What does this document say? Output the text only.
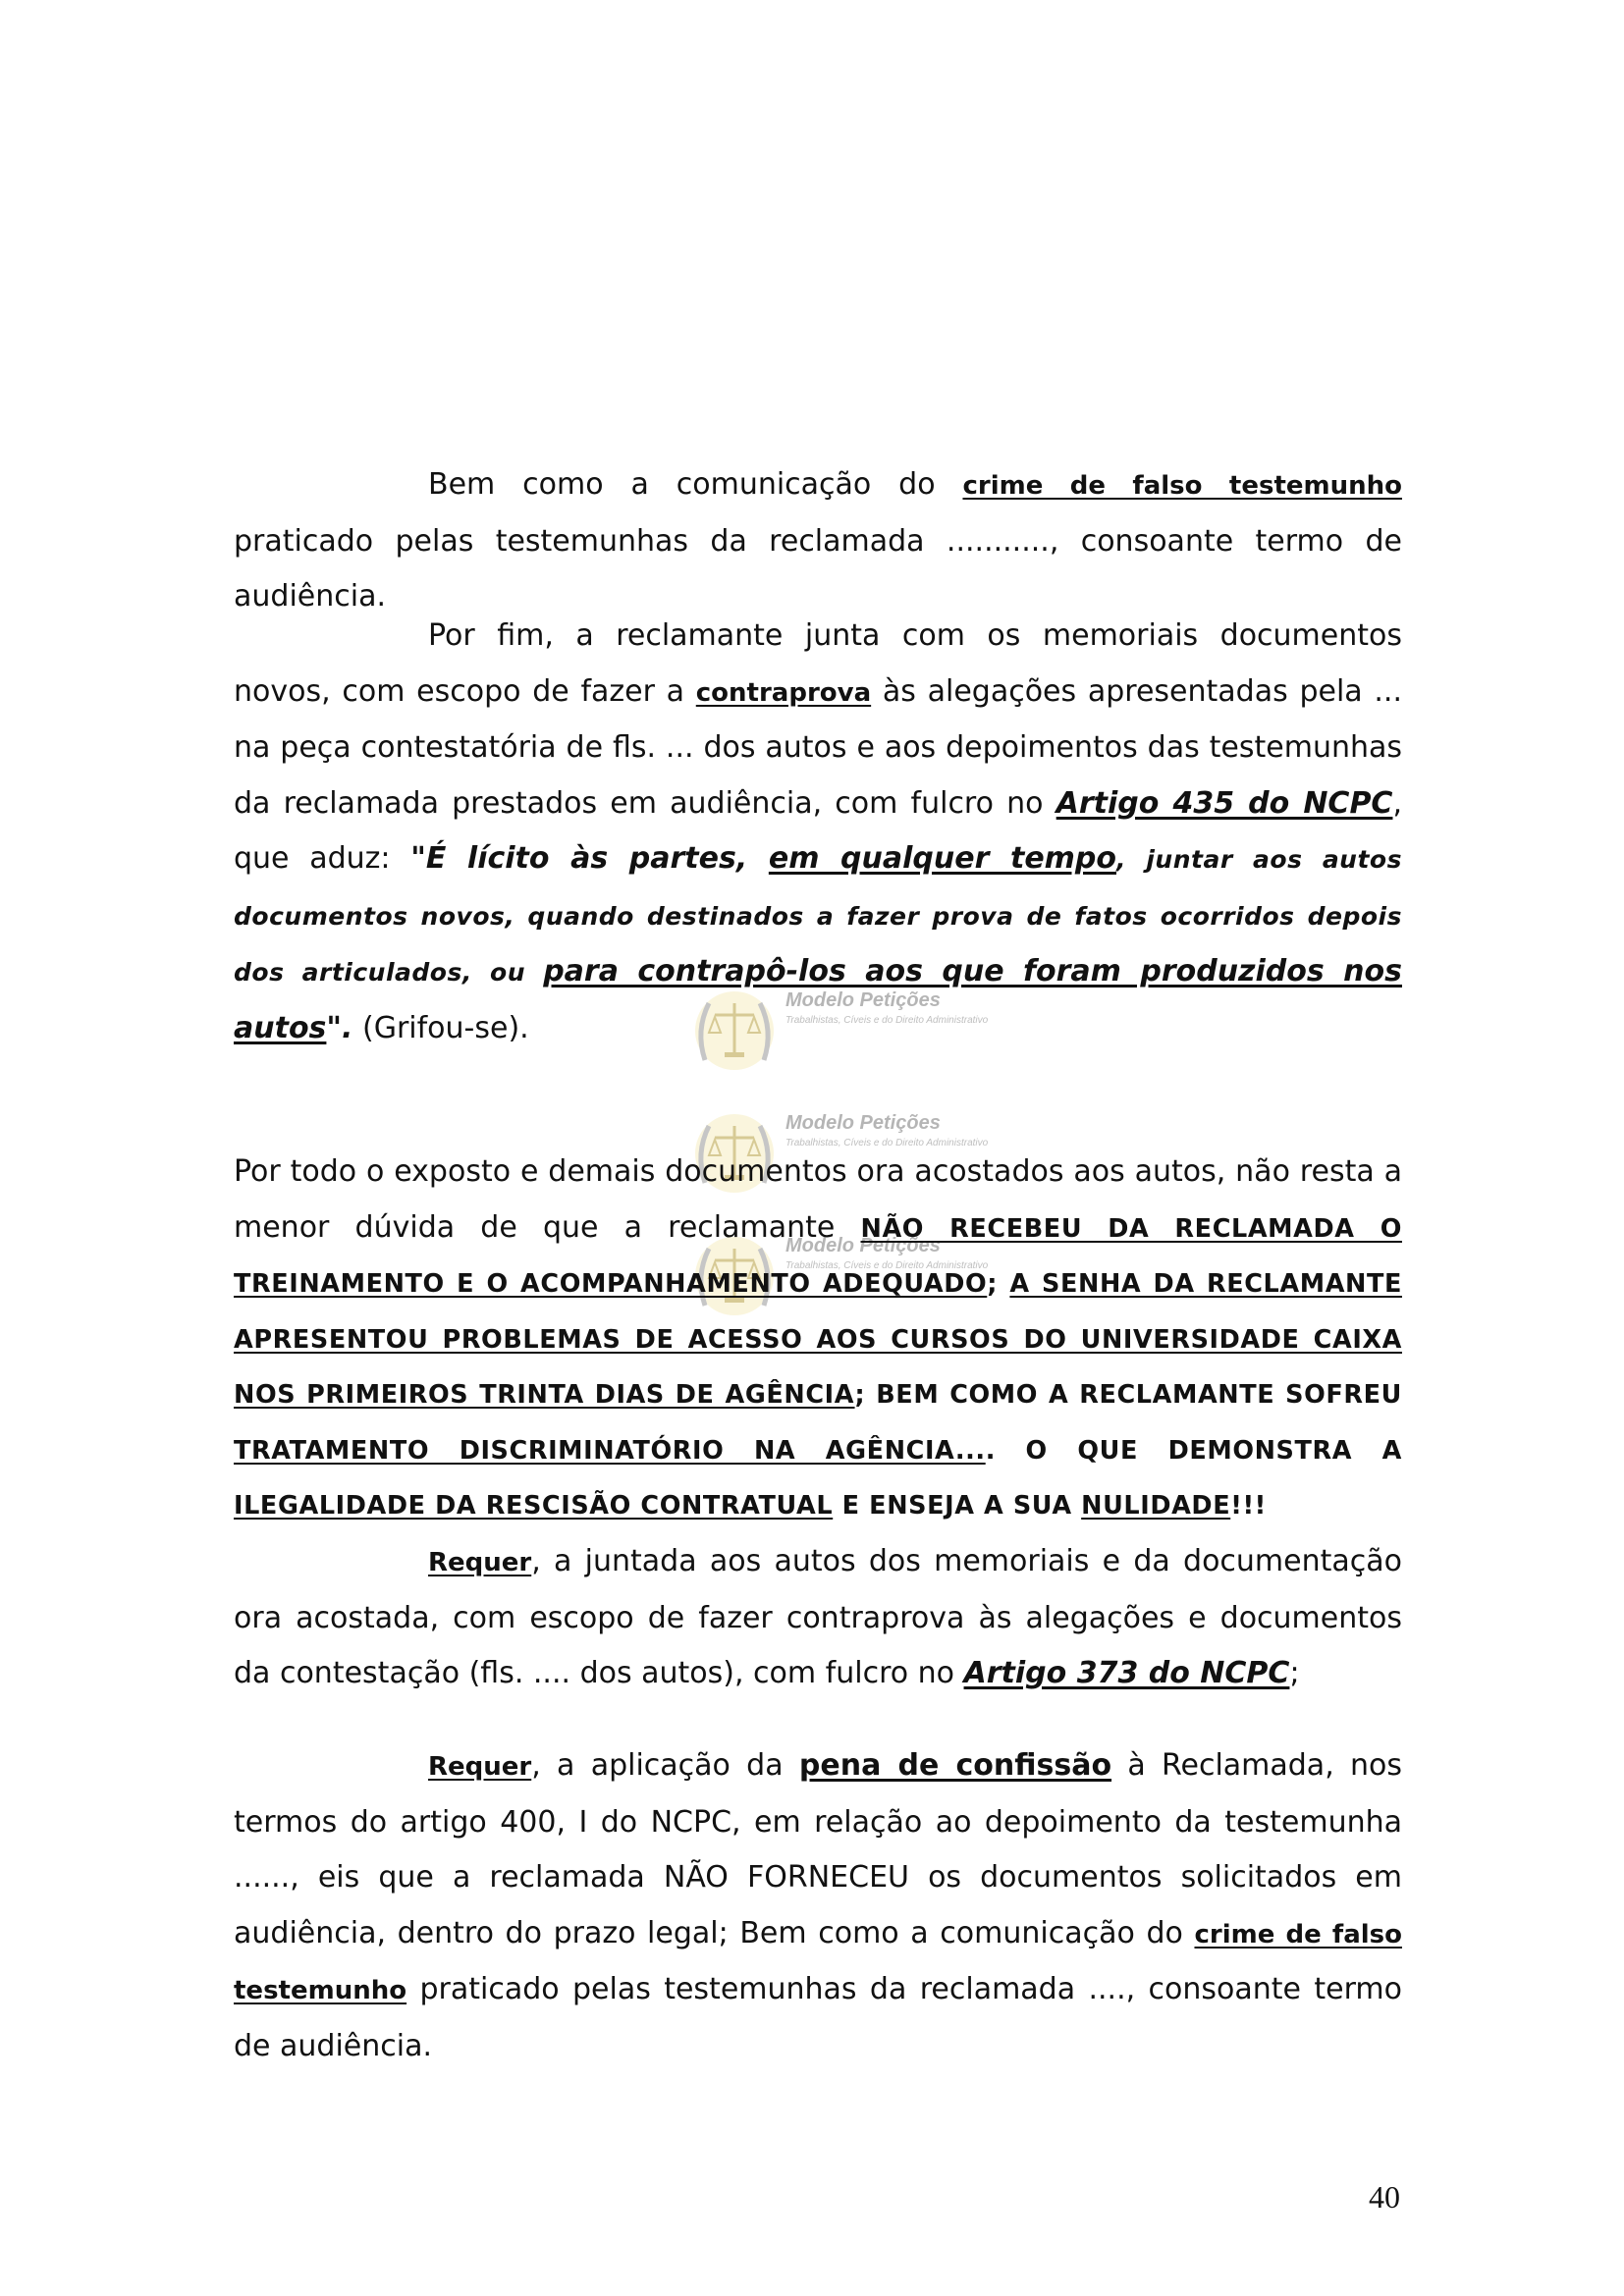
Bem como a comunicação do crime de falso testemunho praticado pelas testemunhas da reclamada ..........., consoante termo de audiência.

Por fim, a reclamante junta com os memoriais documentos novos, com escopo de fazer a contraprova às alegações apresentadas pela ... na peça contestatória de fls. ... dos autos e aos depoimentos das testemunhas da reclamada prestados em audiência, com fulcro no Artigo 435 do NCPC, que aduz: "É lícito às partes, em qualquer tempo, juntar aos autos documentos novos, quando destinados a fazer prova de fatos ocorridos depois dos articulados, ou para contrapô-los aos que foram produzidos nos autos". (Grifou-se).

Modelo Petições
Trabalhistas, Cíveis e do Direito Administrativo
Modelo Petições
Trabalhistas, Cíveis e do Direito Administrativo
Modelo Petições
Trabalhistas, Cíveis e do Direito Administrativo

Por todo o exposto e demais documentos ora acostados aos autos, não resta a menor dúvida de que a reclamante NÃO RECEBEU DA RECLAMADA O TREINAMENTO E O ACOMPANHAMENTO ADEQUADO; A SENHA DA RECLAMANTE APRESENTOU PROBLEMAS DE ACESSO AOS CURSOS DO UNIVERSIDADE CAIXA NOS PRIMEIROS TRINTA DIAS DE AGÊNCIA; BEM COMO A RECLAMANTE SOFREU TRATAMENTO DISCRIMINATÓRIO NA AGÊNCIA.... O QUE DEMONSTRA A ILEGALIDADE DA RESCISÃO CONTRATUAL E ENSEJA A SUA NULIDADE!!!

Requer, a juntada aos autos dos memoriais e da documentação ora acostada, com escopo de fazer contraprova às alegações e documentos da contestação (fls. .... dos autos), com fulcro no Artigo 373 do NCPC;

Requer, a aplicação da pena de confissão à Reclamada, nos termos do artigo 400, I do NCPC, em relação ao depoimento da testemunha ......, eis que a reclamada NÃO FORNECEU os documentos solicitados em audiência, dentro do prazo legal; Bem como a comunicação do crime de falso testemunho praticado pelas testemunhas da reclamada ...., consoante termo de audiência.

40
